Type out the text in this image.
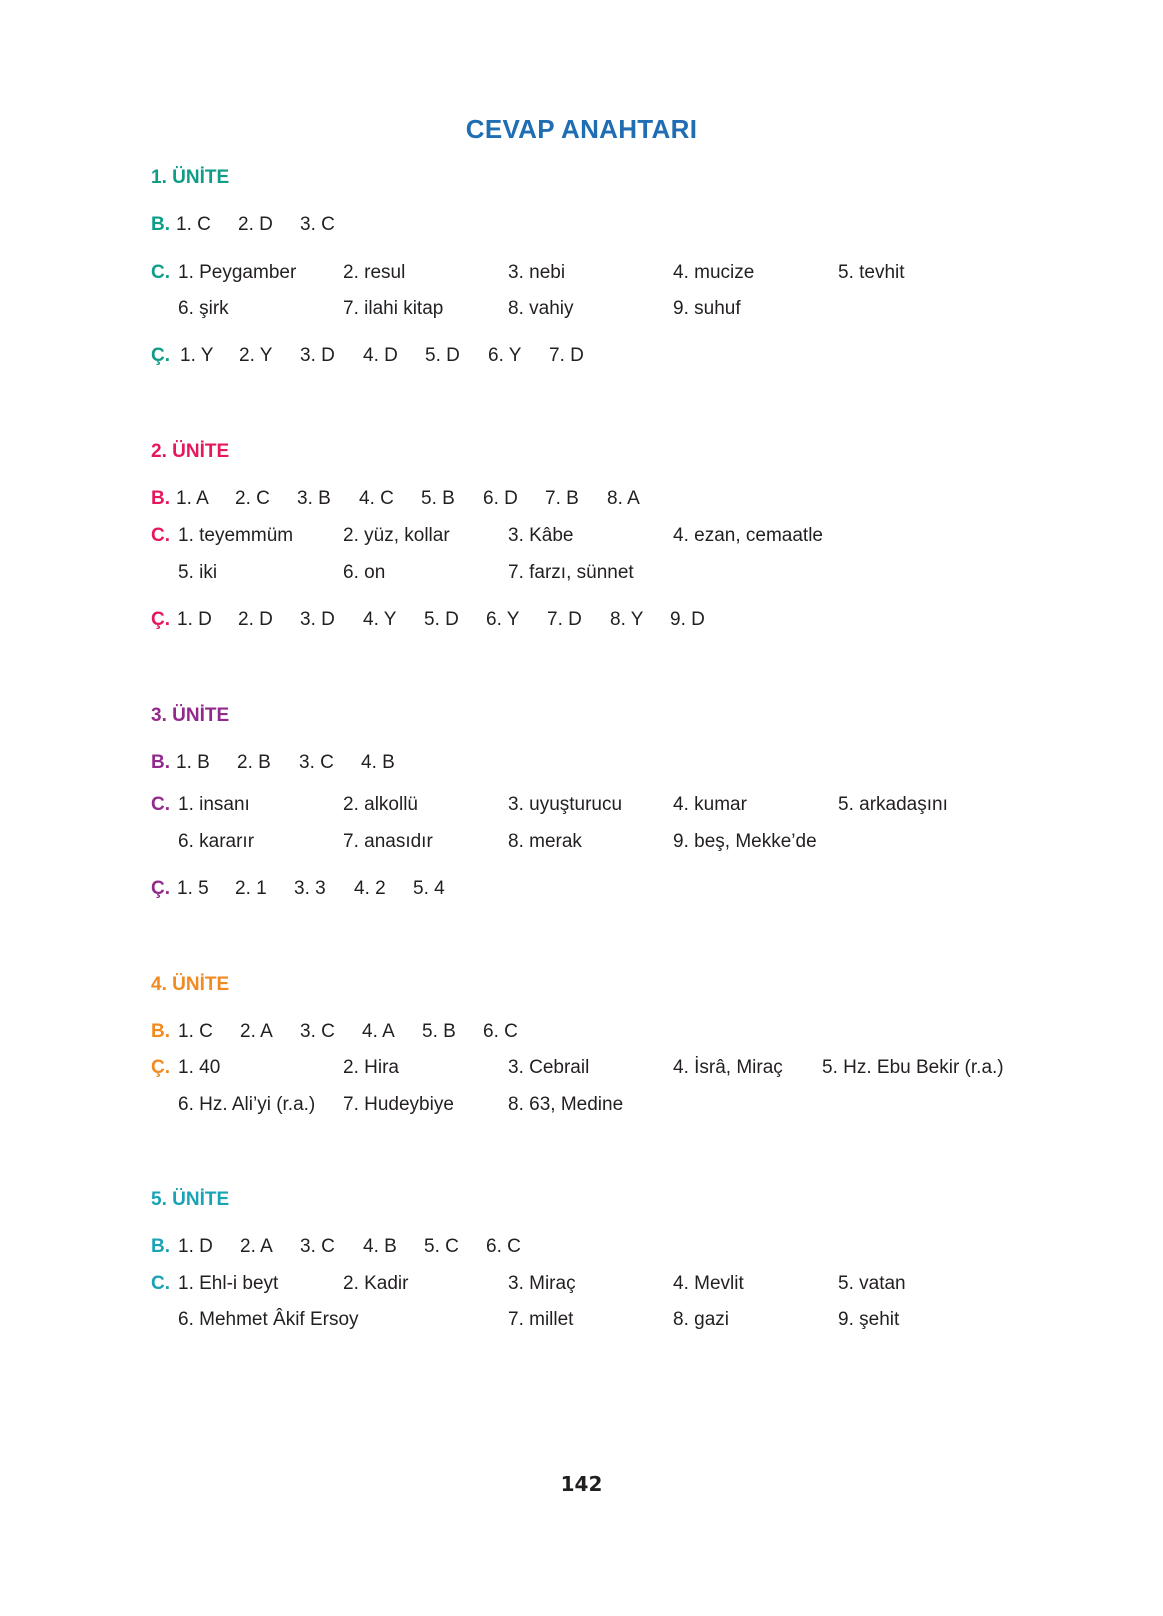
CEVAP ANAHTARI
1. ÜNİTE
B. 1. C 2. D 3. C
C. 1. Peygamber 2. resul	3. nebi	4. mucize	5. tevhit
6. şirk	7. ilahi kitap	8. vahiy	9. suhuf
Ç. 1. Y 2. Y 3. D 4. D 5. D 6. Y 7. D
2. ÜNİTE
B. 1. A 2. C 3. B 4. C 5. B 6. D 7. B 8. A
C. 1. teyemmüm	2. yüz, kollar	3. Kâbe	4. ezan, cemaatle
5. iki	6. on	7. farzı, sünnet
Ç. 1. D 2. D 3. D 4. Y 5. D 6. Y 7. D 8. Y 9. D
3. ÜNİTE
B. 1. B 2. B 3. C 4. B
C. 1. insanı	2. alkollü	3. uyuşturucu	4. kumar	5. arkadaşını
6. kararır	7. anasıdır	8. merak	9. beş, Mekke’de
Ç. 1. 5 2. 1 3. 3 4. 2 5. 4
4. ÜNİTE
B. 1. C 2. A 3. C 4. A 5. B 6. C
Ç. 1. 40	2. Hira	3. Cebrail	4. İsrâ, Miraç 5. Hz. Ebu Bekir (r.a.)
6. Hz. Ali’yi (r.a.) 7. Hudeybiye	8. 63, Medine
5. ÜNİTE
B. 1. D 2. A 3. C 4. B 5. C 6. C
C. 1. Ehl-i beyt	2. Kadir	3. Miraç	4. Mevlit	5. vatan
6. Mehmet Âkif Ersoy	7. millet	8. gazi	9. şehit
142
